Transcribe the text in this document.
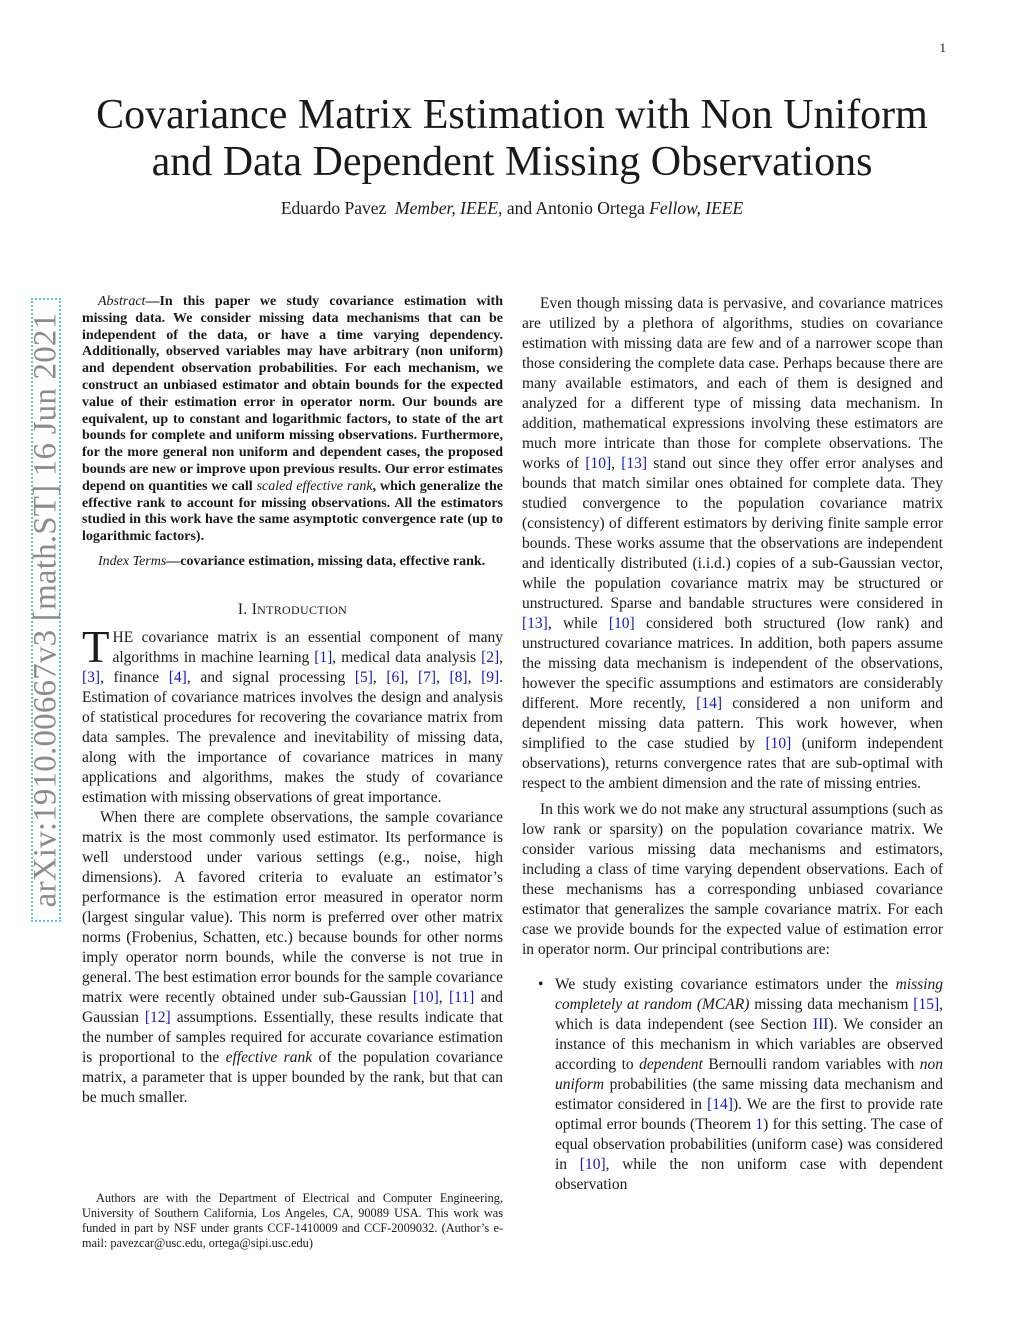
1
arXiv:1910.00667v3 [math.ST] 16 Jun 2021
Covariance Matrix Estimation with Non Uniform
and Data Dependent Missing Observations
Eduardo Pavez Member, IEEE, and Antonio Ortega Fellow, IEEE

Abstract—In this paper we study covariance estimation with missing data. We consider missing data mechanisms that can be independent of the data, or have a time varying dependency. Additionally, observed variables may have arbitrary (non uniform) and dependent observation probabilities. For each mechanism, we construct an unbiased estimator and obtain bounds for the expected value of their estimation error in operator norm. Our bounds are equivalent, up to constant and logarithmic factors, to state of the art bounds for complete and uniform missing observations. Furthermore, for the more general non uniform and dependent cases, the proposed bounds are new or improve upon previous results. Our error estimates depend on quantities we call scaled effective rank, which generalize the effective rank to account for missing observations. All the estimators studied in this work have the same asymptotic convergence rate (up to logarithmic factors).

Index Terms—covariance estimation, missing data, effective rank.

I. INTRODUCTION

THE covariance matrix is an essential component of many algorithms in machine learning [1], medical data analysis [2], [3], finance [4], and signal processing [5], [6], [7], [8], [9]. Estimation of covariance matrices involves the design and analysis of statistical procedures for recovering the covariance matrix from data samples. The prevalence and inevitability of missing data, along with the importance of covariance matrices in many applications and algorithms, makes the study of covariance estimation with missing observations of great importance.

When there are complete observations, the sample covariance matrix is the most commonly used estimator. Its performance is well understood under various settings (e.g., noise, high dimensions). A favored criteria to evaluate an estimator’s performance is the estimation error measured in operator norm (largest singular value). This norm is preferred over other matrix norms (Frobenius, Schatten, etc.) because bounds for other norms imply operator norm bounds, while the converse is not true in general. The best estimation error bounds for the sample covariance matrix were recently obtained under sub-Gaussian [10], [11] and Gaussian [12] assumptions. Essentially, these results indicate that the number of samples required for accurate covariance estimation is proportional to the effective rank of the population covariance matrix, a parameter that is upper bounded by the rank, but that can be much smaller.

Authors are with the Department of Electrical and Computer Engineering, University of Southern California, Los Angeles, CA, 90089 USA. This work was funded in part by NSF under grants CCF-1410009 and CCF-2009032. (Author’s e-mail: pavezcar@usc.edu, ortega@sipi.usc.edu)

Even though missing data is pervasive, and covariance matrices are utilized by a plethora of algorithms, studies on covariance estimation with missing data are few and of a narrower scope than those considering the complete data case. Perhaps because there are many available estimators, and each of them is designed and analyzed for a different type of missing data mechanism. In addition, mathematical expressions involving these estimators are much more intricate than those for complete observations. The works of [10], [13] stand out since they offer error analyses and bounds that match similar ones obtained for complete data. They studied convergence to the population covariance matrix (consistency) of different estimators by deriving finite sample error bounds. These works assume that the observations are independent and identically distributed (i.i.d.) copies of a sub-Gaussian vector, while the population covariance matrix may be structured or unstructured. Sparse and bandable structures were considered in [13], while [10] considered both structured (low rank) and unstructured covariance matrices. In addition, both papers assume the missing data mechanism is independent of the observations, however the specific assumptions and estimators are considerably different. More recently, [14] considered a non uniform and dependent missing data pattern. This work however, when simplified to the case studied by [10] (uniform independent observations), returns convergence rates that are sub-optimal with respect to the ambient dimension and the rate of missing entries.

In this work we do not make any structural assumptions (such as low rank or sparsity) on the population covariance matrix. We consider various missing data mechanisms and estimators, including a class of time varying dependent observations. Each of these mechanisms has a corresponding unbiased covariance estimator that generalizes the sample covariance matrix. For each case we provide bounds for the expected value of estimation error in operator norm. Our principal contributions are:

• We study existing covariance estimators under the missing completely at random (MCAR) missing data mechanism [15], which is data independent (see Section III). We consider an instance of this mechanism in which variables are observed according to dependent Bernoulli random variables with non uniform probabilities (the same missing data mechanism and estimator considered in [14]). We are the first to provide rate optimal error bounds (Theorem 1) for this setting. The case of equal observation probabilities (uniform case) was considered in [10], while the non uniform case with dependent observation
